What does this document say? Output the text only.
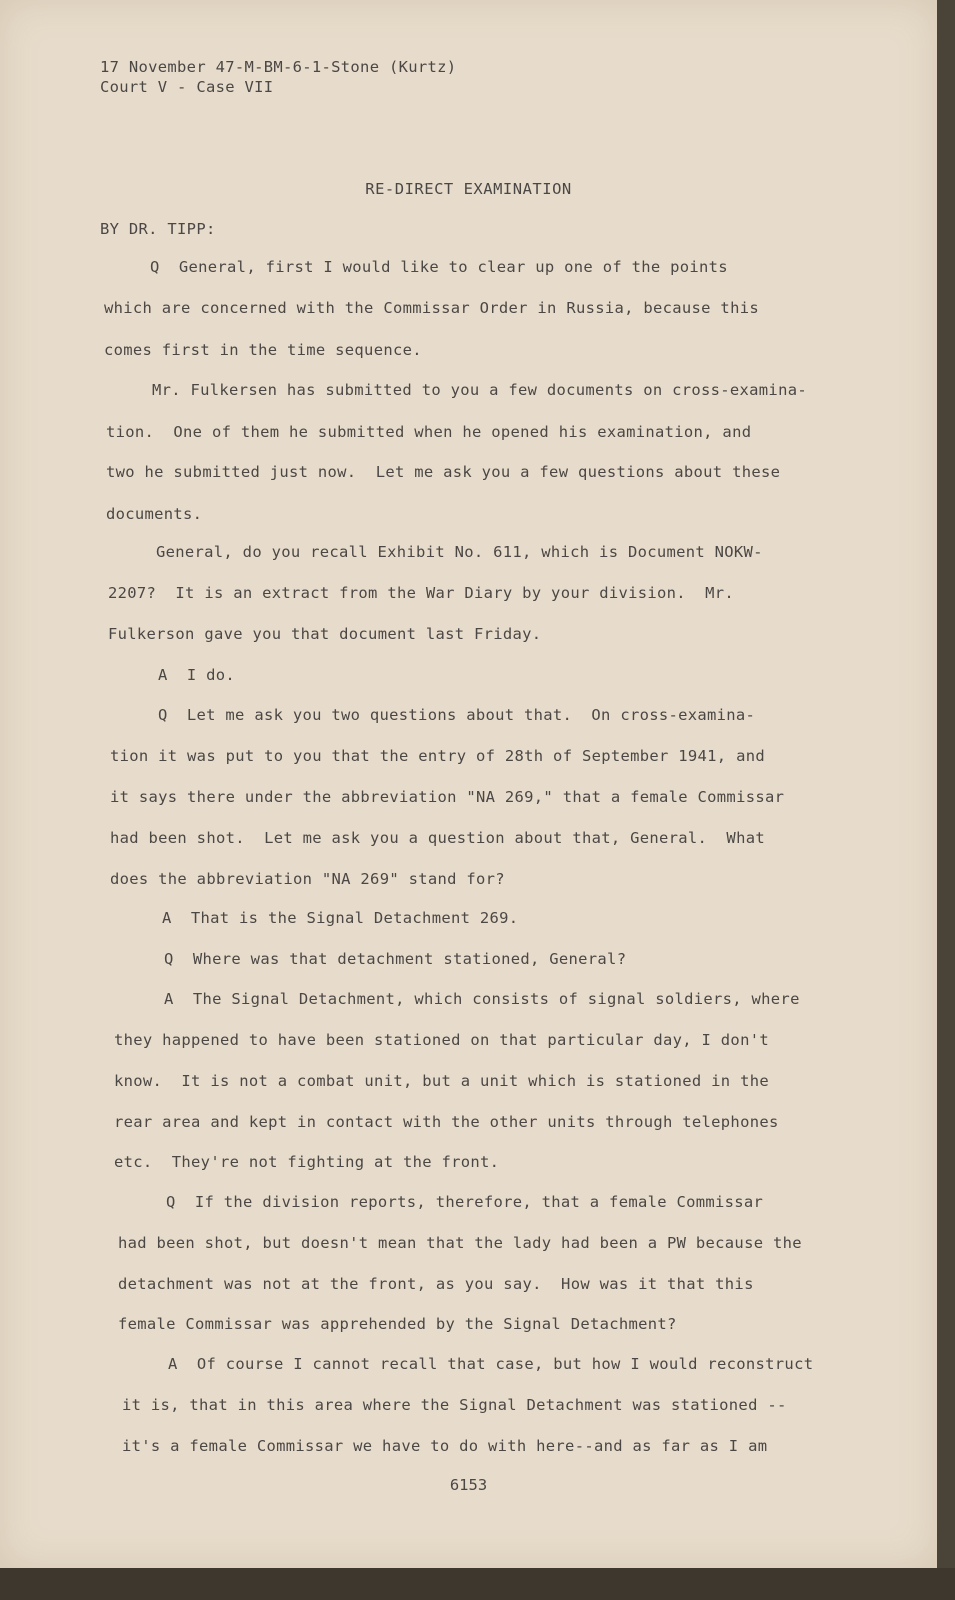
17 November 47-M-BM-6-1-Stone (Kurtz)
Court V - Case VII
RE-DIRECT EXAMINATION
BY DR. TIPP:
Q  General, first I would like to clear up one of the points
which are concerned with the Commissar Order in Russia, because this
comes first in the time sequence.
Mr. Fulkersen has submitted to you a few documents on cross-examina-
tion.  One of them he submitted when he opened his examination, and
two he submitted just now.  Let me ask you a few questions about these
documents.
General, do you recall Exhibit No. 611, which is Document NOKW-
2207?  It is an extract from the War Diary by your division.  Mr.
Fulkerson gave you that document last Friday.
A  I do.
Q  Let me ask you two questions about that.  On cross-examina-
tion it was put to you that the entry of 28th of September 1941, and
it says there under the abbreviation "NA 269," that a female Commissar
had been shot.  Let me ask you a question about that, General.  What
does the abbreviation "NA 269" stand for?
A  That is the Signal Detachment 269.
Q  Where was that detachment stationed, General?
A  The Signal Detachment, which consists of signal soldiers, where
they happened to have been stationed on that particular day, I don't
know.  It is not a combat unit, but a unit which is stationed in the
rear area and kept in contact with the other units through telephones
etc.  They're not fighting at the front.
Q  If the division reports, therefore, that a female Commissar
had been shot, but doesn't mean that the lady had been a PW because the
detachment was not at the front, as you say.  How was it that this
female Commissar was apprehended by the Signal Detachment?
A  Of course I cannot recall that case, but how I would reconstruct
it is, that in this area where the Signal Detachment was stationed --
it's a female Commissar we have to do with here--and as far as I am
6153
